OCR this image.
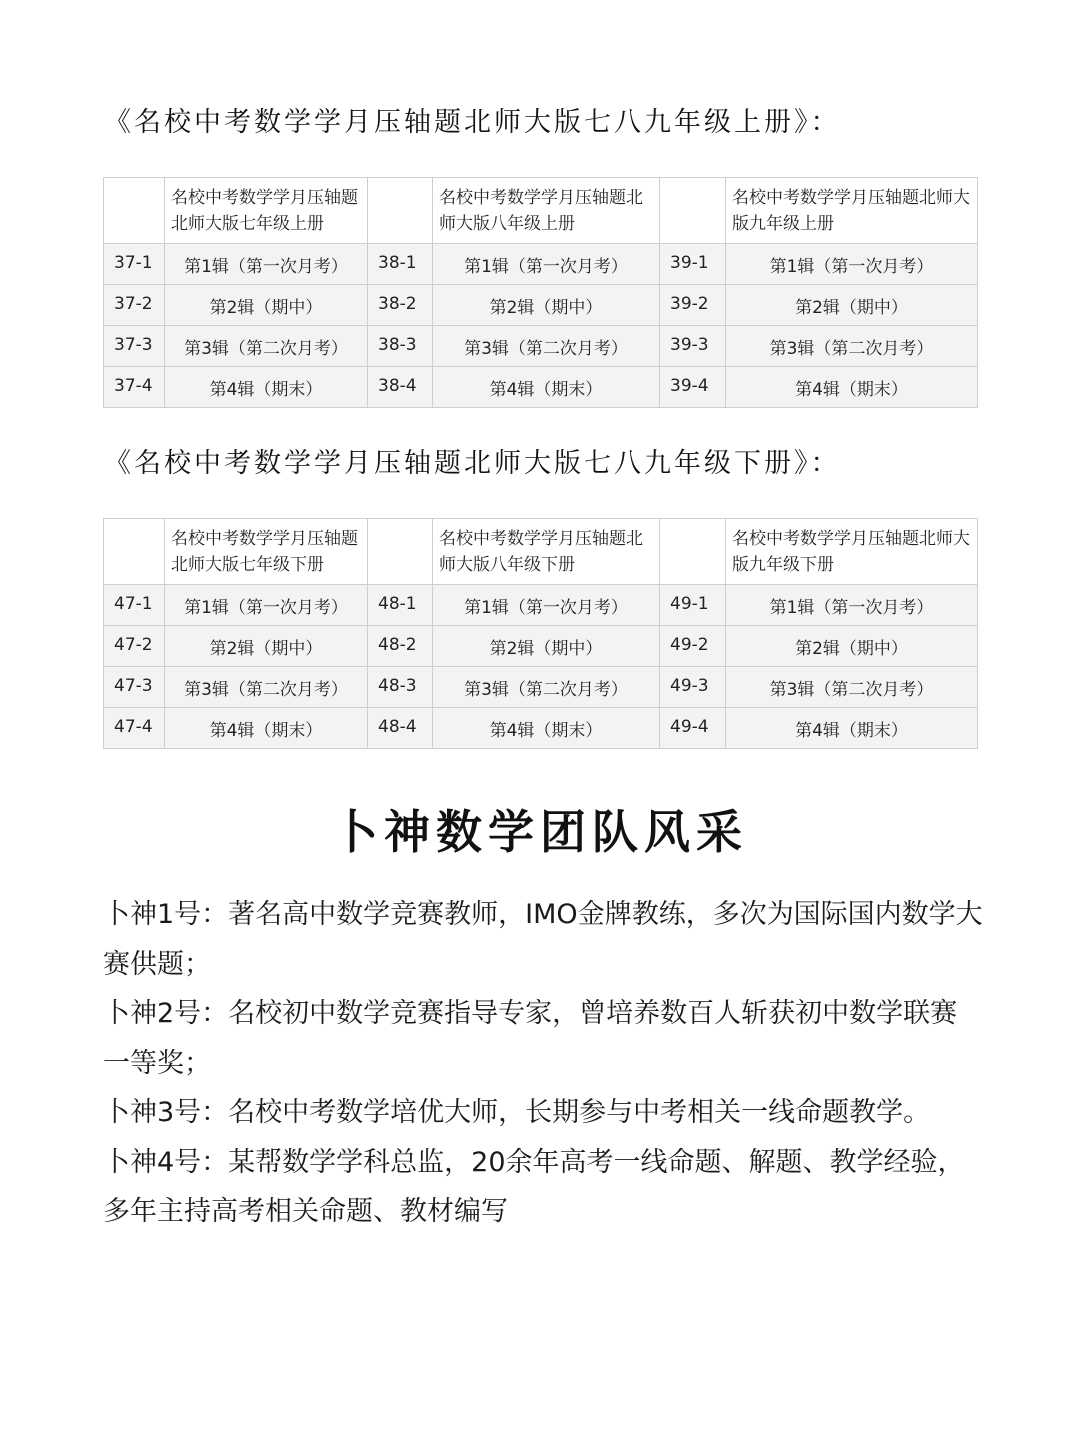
《名校中考数学学月压轴题北师大版七八九年级上册》：
	名校中考数学学月压轴题北师大版七年级上册		名校中考数学学月压轴题北师大版八年级上册		名校中考数学学月压轴题北师大版九年级上册
37-1	第1辑（第一次月考）	38-1	第1辑（第一次月考）	39-1	第1辑（第一次月考）
37-2	第2辑（期中）	38-2	第2辑（期中）	39-2	第2辑（期中）
37-3	第3辑（第二次月考）	38-3	第3辑（第二次月考）	39-3	第3辑（第二次月考）
37-4	第4辑（期末）	38-4	第4辑（期末）	39-4	第4辑（期末）
《名校中考数学学月压轴题北师大版七八九年级下册》：
	名校中考数学学月压轴题北师大版七年级下册		名校中考数学学月压轴题北师大版八年级下册		名校中考数学学月压轴题北师大版九年级下册
47-1	第1辑（第一次月考）	48-1	第1辑（第一次月考）	49-1	第1辑（第一次月考）
47-2	第2辑（期中）	48-2	第2辑（期中）	49-2	第2辑（期中）
47-3	第3辑（第二次月考）	48-3	第3辑（第二次月考）	49-3	第3辑（第二次月考）
47-4	第4辑（期末）	48-4	第4辑（期末）	49-4	第4辑（期末）
卜神数学团队风采

卜神1号：著名高中数学竞赛教师，IMO金牌教练，多次为国际国内数学大赛供题；

卜神2号：名校初中数学竞赛指导专家，曾培养数百人斩获初中数学联赛一等奖；

卜神3号：名校中考数学培优大师，长期参与中考相关一线命题教学。

卜神4号：某帮数学学科总监，20余年高考一线命题、解题、教学经验，多年主持高考相关命题、教材编写
